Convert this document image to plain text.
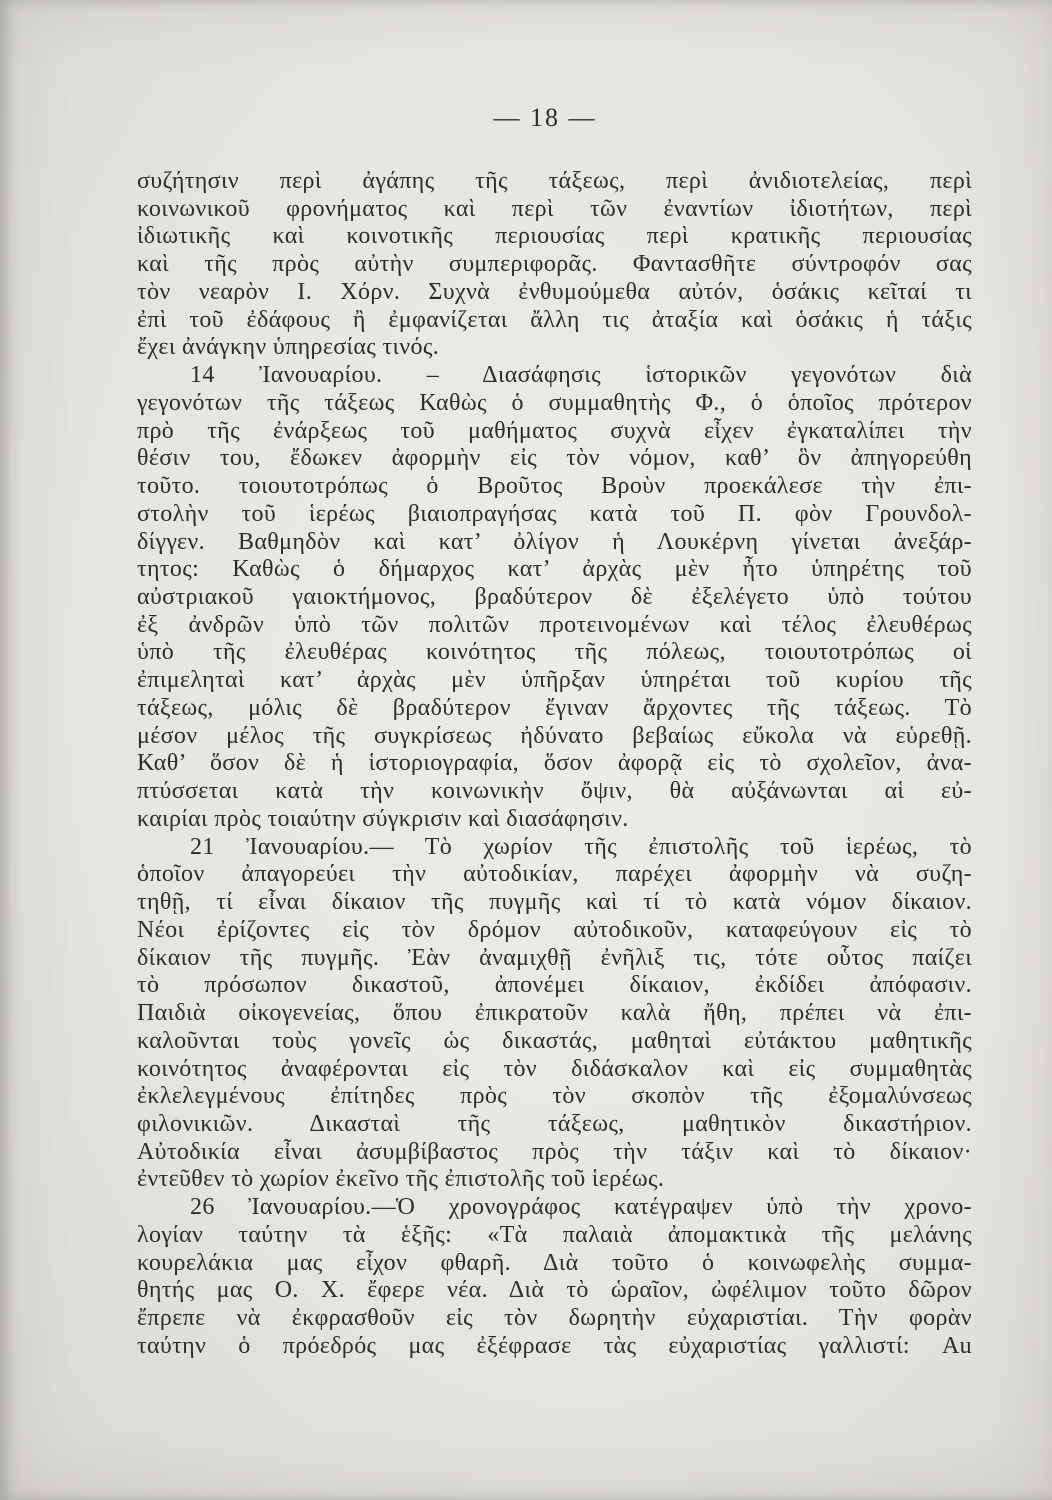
— 18 —
συζήτησιν περὶ ἀγάπης τῆς τάξεως, περὶ ἀνιδιοτελείας, περὶ
κοινωνικοῦ φρονήματος καὶ περὶ τῶν ἐναντίων ἰδιοτήτων, περὶ
ἰδιωτικῆς καὶ κοινοτικῆς περιουσίας περὶ κρατικῆς περιουσίας
καὶ τῆς πρὸς αὐτὴν συμπεριφορᾶς. Φαντασθῆτε σύντροφόν σας
τὸν νεαρὸν Ι. Χόρν. Συχνὰ ἐνθυμούμεθα αὐτόν, ὁσάκις κεῖταί τι
ἐπὶ τοῦ ἐδάφους ἢ ἐμφανίζεται ἄλλη τις ἀταξία καὶ ὁσάκις ἡ τάξις
ἔχει ἀνάγκην ὑπηρεσίας τινός.
14 Ἰανουαρίου. – Διασάφησις ἱστορικῶν γεγονότων διὰ
γεγονότων τῆς τάξεως Καθὼς ὁ συμμαθητὴς Φ., ὁ ὁποῖος πρότερον
πρὸ τῆς ἐνάρξεως τοῦ μαθήματος συχνὰ εἶχεν ἐγκαταλίπει τὴν
θέσιν του, ἔδωκεν ἀφορμὴν εἰς τὸν νόμον, καθ’ ὃν ἀπηγορεύθη
τοῦτο. τοιουτοτρόπως ὁ Βροῦτος Βροὺν προεκάλεσε τὴν ἐπι-
στολὴν τοῦ ἱερέως βιαιοπραγήσας κατὰ τοῦ Π. φὸν Γρουνδολ-
δίγγεν. Βαθμηδὸν καὶ κατ’ ὀλίγον ἡ Λουκέρνη γίνεται ἀνεξάρ-
τητος: Καθὼς ὁ δήμαρχος κατ’ ἀρχὰς μὲν ἦτο ὑπηρέτης τοῦ
αὐστριακοῦ γαιοκτήμονος, βραδύτερον δὲ ἐξελέγετο ὑπὸ τούτου
ἐξ ἀνδρῶν ὑπὸ τῶν πολιτῶν προτεινομένων καὶ τέλος ἐλευθέρως
ὑπὸ τῆς ἐλευθέρας κοινότητος τῆς πόλεως, τοιουτοτρόπως οἱ
ἐπιμεληταὶ κατ’ ἀρχὰς μὲν ὑπῆρξαν ὑπηρέται τοῦ κυρίου τῆς
τάξεως, μόλις δὲ βραδύτερον ἔγιναν ἄρχοντες τῆς τάξεως. Τὸ
μέσον μέλος τῆς συγκρίσεως ἠδύνατο βεβαίως εὔκολα νὰ εὑρεθῇ.
Καθ’ ὅσον δὲ ἡ ἱστοριογραφία, ὅσον ἀφορᾷ εἰς τὸ σχολεῖον, ἀνα-
πτύσσεται κατὰ τὴν κοινωνικὴν ὄψιν, θὰ αὐξάνωνται αἱ εὐ-
καιρίαι πρὸς τοιαύτην σύγκρισιν καὶ διασάφησιν.
21 Ἰανουαρίου.— Τὸ χωρίον τῆς ἐπιστολῆς τοῦ ἱερέως, τὸ
ὁποῖον ἀπαγορεύει τὴν αὐτοδικίαν, παρέχει ἀφορμὴν νὰ συζη-
τηθῇ, τί εἶναι δίκαιον τῆς πυγμῆς καὶ τί τὸ κατὰ νόμον δίκαιον.
Νέοι ἐρίζοντες εἰς τὸν δρόμον αὐτοδικοῦν, καταφεύγουν εἰς τὸ
δίκαιον τῆς πυγμῆς. Ἐὰν ἀναμιχθῇ ἐνῆλιξ τις, τότε οὗτος παίζει
τὸ πρόσωπον δικαστοῦ, ἀπονέμει δίκαιον, ἐκδίδει ἀπόφασιν.
Παιδιὰ οἰκογενείας, ὅπου ἐπικρατοῦν καλὰ ἤθη, πρέπει νὰ ἐπι-
καλοῦνται τοὺς γονεῖς ὡς δικαστάς, μαθηταὶ εὐτάκτου μαθητικῆς
κοινότητος ἀναφέρονται εἰς τὸν διδάσκαλον καὶ εἰς συμμαθητὰς
ἐκλελεγμένους ἐπίτηδες πρὸς τὸν σκοπὸν τῆς ἐξομαλύνσεως
φιλονικιῶν. Δικασταὶ τῆς τάξεως, μαθητικὸν δικαστήριον.
Αὐτοδικία εἶναι ἀσυμβίβαστος πρὸς τὴν τάξιν καὶ τὸ δίκαιον·
ἐντεῦθεν τὸ χωρίον ἐκεῖνο τῆς ἐπιστολῆς τοῦ ἱερέως.
26 Ἰανουαρίου.—Ὁ χρονογράφος κατέγραψεν ὑπὸ τὴν χρονο-
λογίαν ταύτην τὰ ἑξῆς: «Τὰ παλαιὰ ἀπομακτικὰ τῆς μελάνης
κουρελάκια μας εἶχον φθαρῆ. Διὰ τοῦτο ὁ κοινωφελὴς συμμα-
θητής μας Ο. Χ. ἔφερε νέα. Διὰ τὸ ὡραῖον, ὠφέλιμον τοῦτο δῶρον
ἔπρεπε νὰ ἐκφρασθοῦν εἰς τὸν δωρητὴν εὐχαριστίαι. Τὴν φορὰν
ταύτην ὁ πρόεδρός μας ἐξέφρασε τὰς εὐχαριστίας γαλλιστί: Au
